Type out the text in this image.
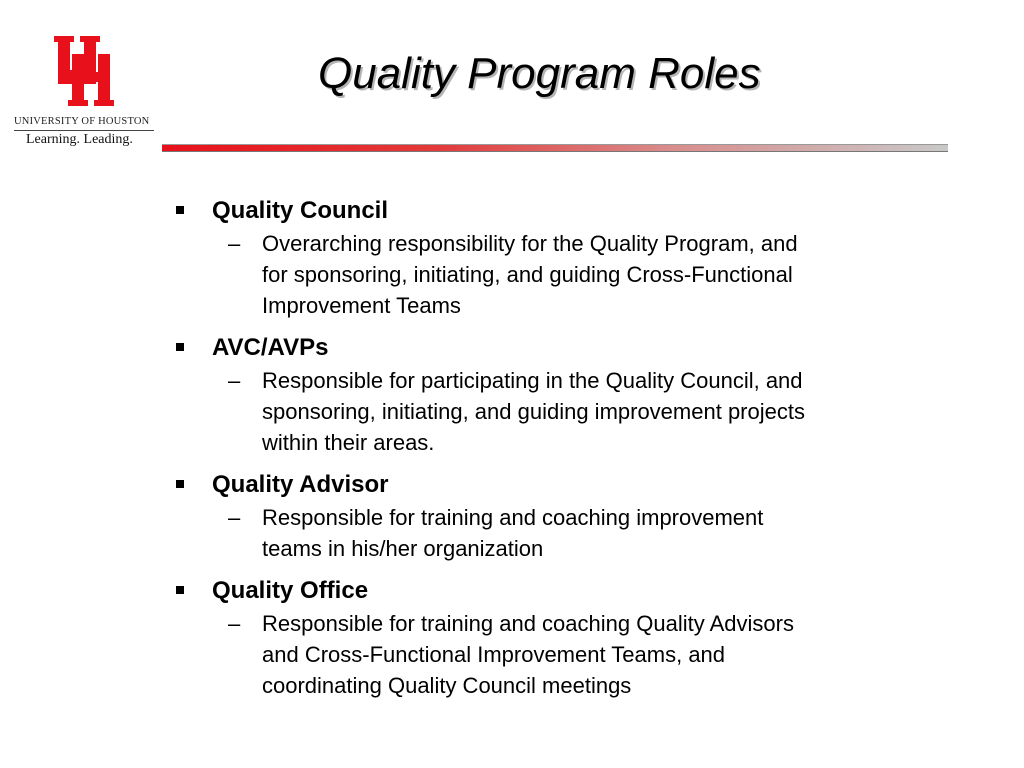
UNIVERSITY OF HOUSTON
Learning. Leading.
Quality Program Roles
Quality Council
– Overarching responsibility for the Quality Program, and
for sponsoring, initiating, and guiding Cross-Functional
Improvement Teams
AVC/AVPs
– Responsible for participating in the Quality Council, and
sponsoring, initiating, and guiding improvement projects
within their areas.
Quality Advisor
– Responsible for training and coaching improvement
teams in his/her organization
Quality Office
– Responsible for training and coaching Quality Advisors
and Cross-Functional Improvement Teams, and
coordinating Quality Council meetings
